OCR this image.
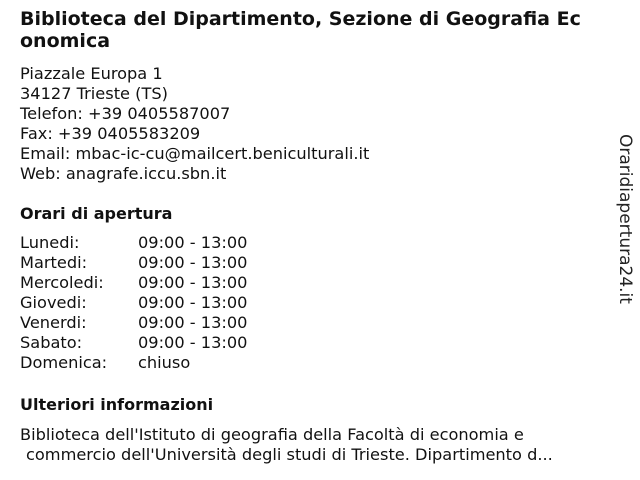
Biblioteca del Dipartimento, Sezione di Geografia Economica
Piazzale Europa 1
34127 Trieste (TS)
Telefon: +39 0405587007
Fax: +39 0405583209
Email: mbac-ic-cu@mailcert.beniculturali.it
Web: anagrafe.iccu.sbn.it
Orari di apertura
Lunedi:	09:00 - 13:00
Martedi:	09:00 - 13:00
Mercoledi: 09:00 - 13:00
Giovedi:	09:00 - 13:00
Venerdi:	09:00 - 13:00
Sabato:	09:00 - 13:00
Domenica: chiuso
Ulteriori informazioni
Biblioteca dell'Istituto di geografia della Facoltà di economia e
commercio dell'Università degli studi di Trieste. Dipartimento d...
Oraridiapertura24.it
